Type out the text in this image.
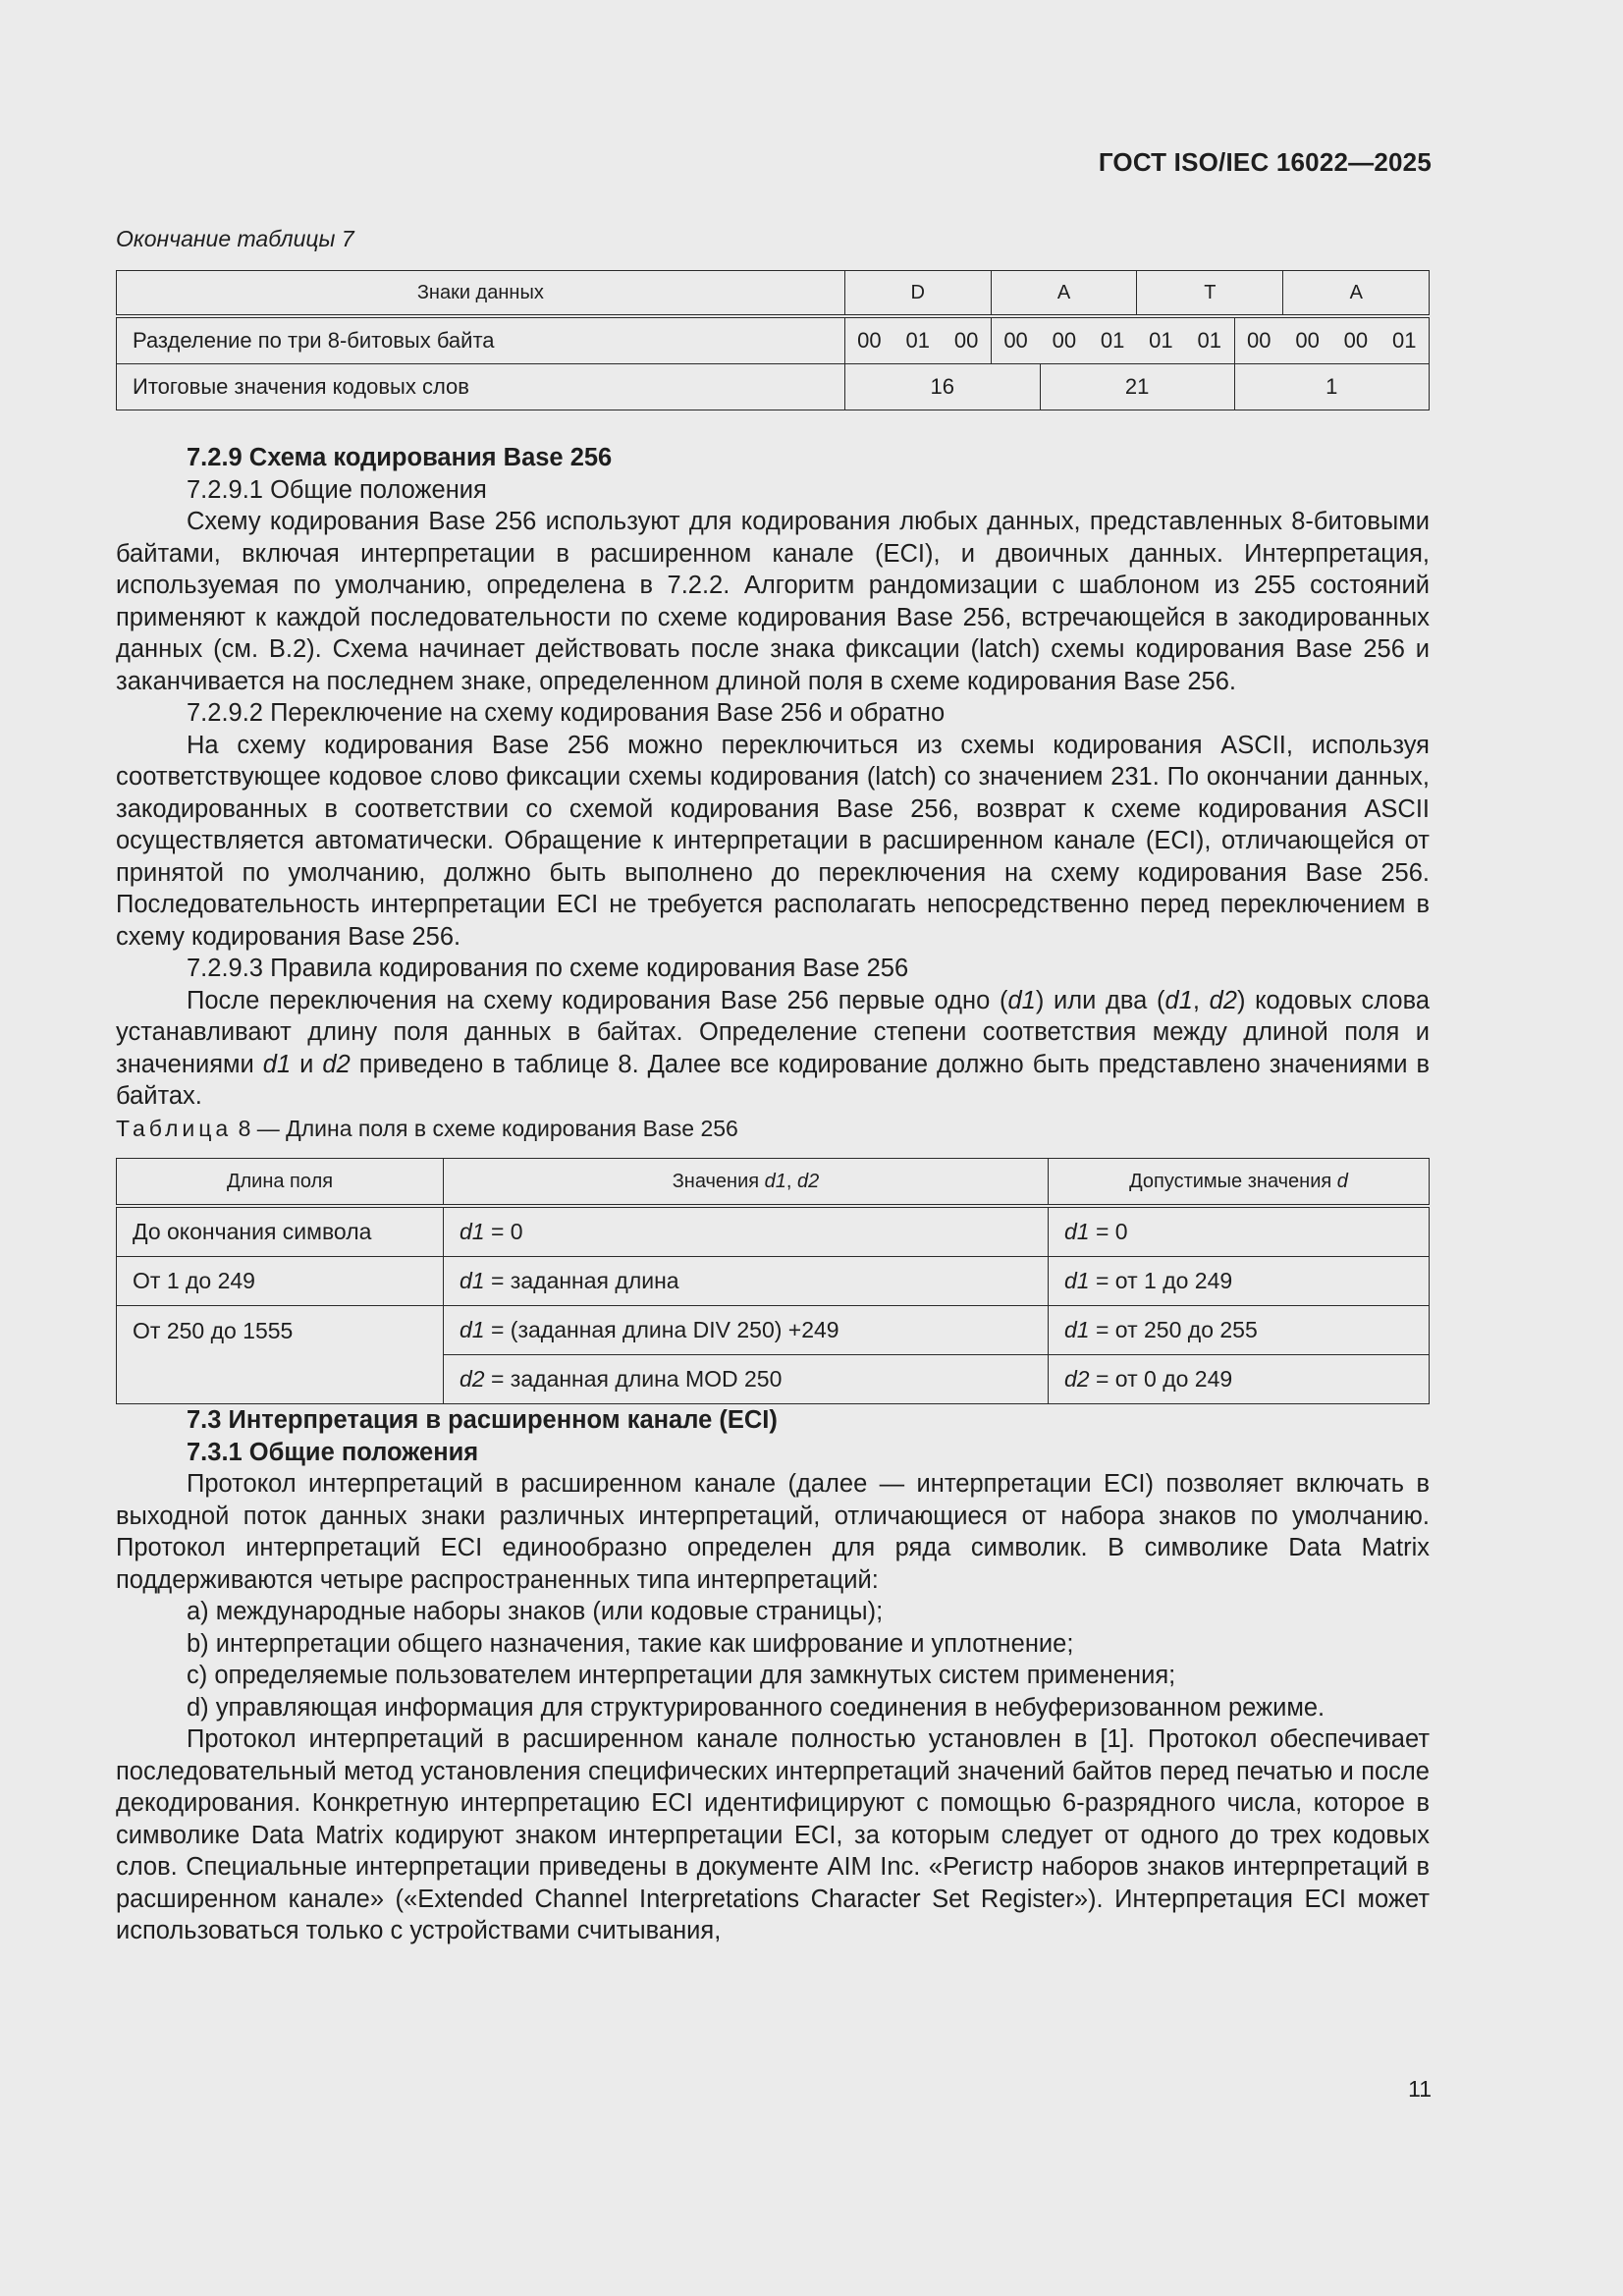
ГОСТ ISO/IEC 16022—2025
Окончание таблицы 7
Знаки данных	D			A			T			A		
Разделение по три 8-битовых байта	00	01	00	00	00	01	01	01	00	00	00	01
Итоговые значения кодовых слов	16				21				1			

7.2.9 Схема кодирования Base 256

7.2.9.1 Общие положения

Схему кодирования Base 256 используют для кодирования любых данных, представленных 8-битовыми байтами, включая интерпретации в расширенном канале (ECI), и двоичных данных. Интерпретация, используемая по умолчанию, определена в 7.2.2. Алгоритм рандомизации с шаблоном из 255 состояний применяют к каждой последовательности по схеме кодирования Base 256, встречающейся в закодированных данных (см. В.2). Схема начинает действовать после знака фиксации (latch) схемы кодирования Base 256 и заканчивается на последнем знаке, определенном длиной поля в схеме кодирования Base 256.

7.2.9.2 Переключение на схему кодирования Base 256 и обратно

На схему кодирования Base 256 можно переключиться из схемы кодирования ASCII, используя соответствующее кодовое слово фиксации схемы кодирования (latch) со значением 231. По окончании данных, закодированных в соответствии со схемой кодирования Base 256, возврат к схеме кодирования ASCII осуществляется автоматически. Обращение к интерпретации в расширенном канале (ECI), отличающейся от принятой по умолчанию, должно быть выполнено до переключения на схему кодирования Base 256. Последовательность интерпретации ECI не требуется располагать непосредственно перед переключением в схему кодирования Base 256.

7.2.9.3 Правила кодирования по схеме кодирования Base 256

После переключения на схему кодирования Base 256 первые одно (d1) или два (d1, d2) кодовых слова устанавливают длину поля данных в байтах. Определение степени соответствия между длиной поля и значениями d1 и d2 приведено в таблице 8. Далее все кодирование должно быть представлено значениями в байтах.

Таблица 8 — Длина поля в схеме кодирования Base 256

Длина поля	Значения d1, d2	Допустимые значения d
До окончания символа	d1 = 0	d1 = 0
От 1 до 249	d1 = заданная длина	d1 = от 1 до 249
От 250 до 1555	d1 = (заданная длина DIV 250) +249	d1 = от 250 до 255
	d2 = заданная длина MOD 250	d2 = от 0 до 249

7.3 Интерпретация в расширенном канале (ECI)

7.3.1 Общие положения

Протокол интерпретаций в расширенном канале (далее — интерпретации ECI) позволяет включать в выходной поток данных знаки различных интерпретаций, отличающиеся от набора знаков по умолчанию. Протокол интерпретаций ECI единообразно определен для ряда символик. В символике Data Matrix поддерживаются четыре распространенных типа интерпретаций:

a) международные наборы знаков (или кодовые страницы);

b) интерпретации общего назначения, такие как шифрование и уплотнение;

c) определяемые пользователем интерпретации для замкнутых систем применения;

d) управляющая информация для структурированного соединения в небуферизованном режиме.

Протокол интерпретаций в расширенном канале полностью установлен в [1]. Протокол обеспечивает последовательный метод установления специфических интерпретаций значений байтов перед печатью и после декодирования. Конкретную интерпретацию ECI идентифицируют с помощью 6-разрядного числа, которое в символике Data Matrix кодируют знаком интерпретации ECI, за которым следует от одного до трех кодовых слов. Специальные интерпретации приведены в документе AIM Inc. «Регистр наборов знаков интерпретаций в расширенном канале» («Extended Channel Interpretations Character Set Register»). Интерпретация ECI может использоваться только с устройствами считывания,

11
